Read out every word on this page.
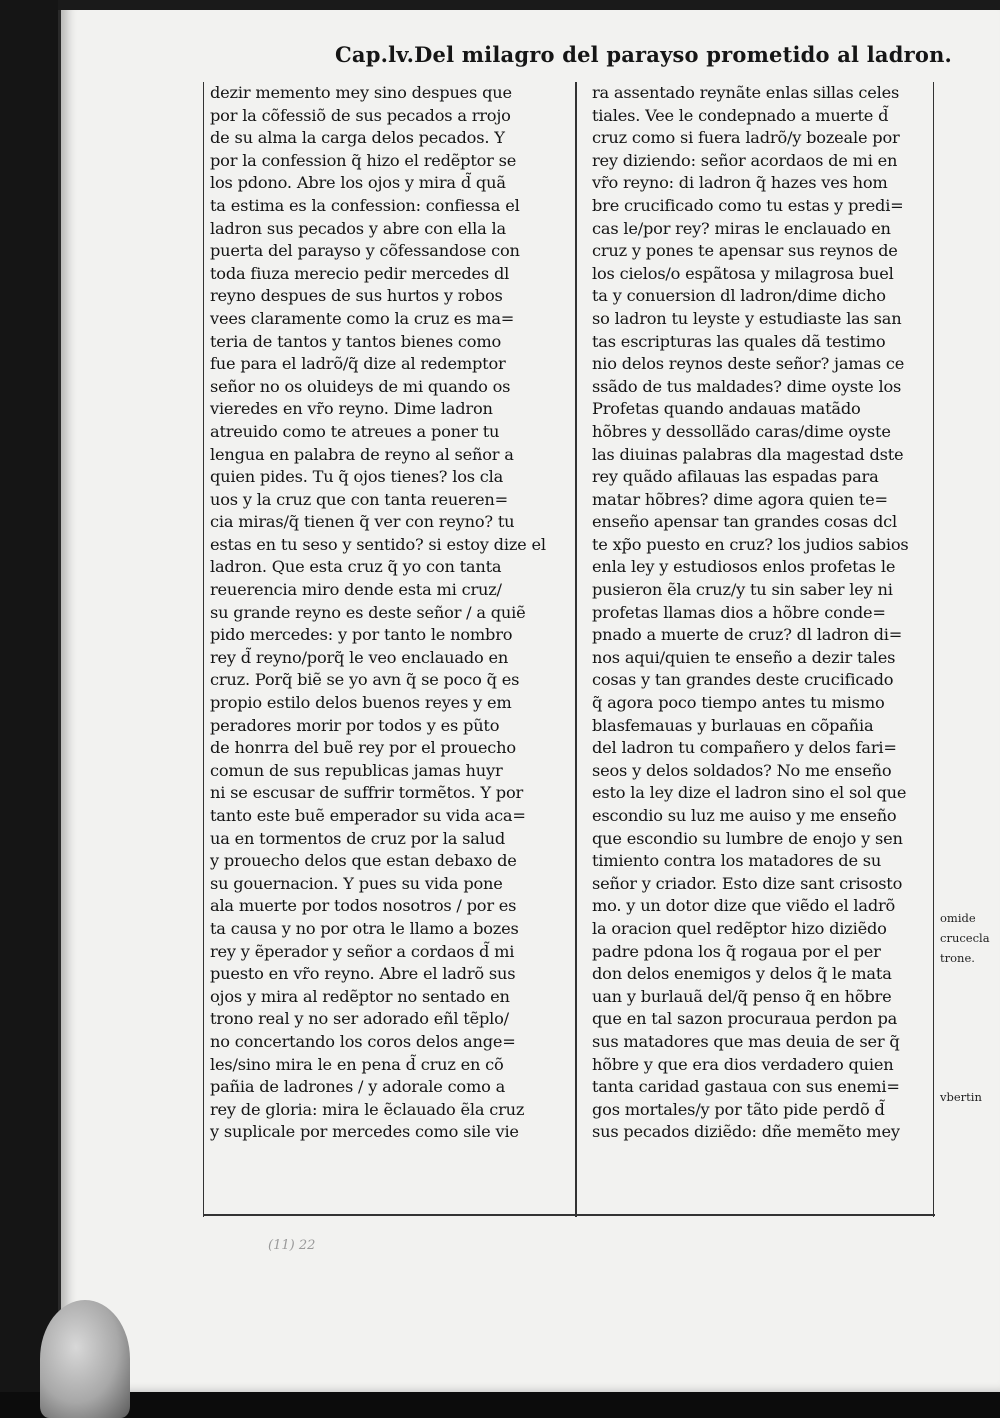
Cap.lv.Del milagro del parayso prometido al ladron.
dezir memento mey sino despues que
por la cõfessiõ de sus pecados a rrojo
de su alma la carga delos pecados. Y
por la confession q̃ hizo el redẽptor se
los pdono. Abre los ojos y mira d̃ quã
ta estima es la confession: confiessa el
ladron sus pecados y abre con ella la
puerta del parayso y cõfessandose con
toda fiuza merecio pedir mercedes dl
reyno despues de sus hurtos y robos
vees claramente como la cruz es ma=
teria de tantos y tantos bienes como
fue para el ladrõ/q̃ dize al redemptor
señor no os oluideys de mi quando os
vieredes en vr̃o reyno. Dime ladron
atreuido como te atreues a poner tu
lengua en palabra de reyno al señor a
quien pides. Tu q̃ ojos tienes? los cla
uos y la cruz que con tanta reueren=
cia miras/q̃ tienen q̃ ver con reyno? tu
estas en tu seso y sentido? si estoy dize el
ladron. Que esta cruz q̃ yo con tanta
reuerencia miro dende esta mi cruz/
su grande reyno es deste señor / a quiẽ
pido mercedes: y por tanto le nombro
rey d̃ reyno/porq̃ le veo enclauado en
cruz. Porq̃ biẽ se yo avn q̃ se poco q̃ es
propio estilo delos buenos reyes y em
peradores morir por todos y es pũto
de honrra del buẽ rey por el prouecho
comun de sus republicas jamas huyr
ni se escusar de suffrir tormẽtos. Y por
tanto este buẽ emperador su vida aca=
ua en tormentos de cruz por la salud
y prouecho delos que estan debaxo de
su gouernacion. Y pues su vida pone
ala muerte por todos nosotros / por es
ta causa y no por otra le llamo a bozes
rey y ẽperador y señor a cordaos d̃ mi
puesto en vr̃o reyno. Abre el ladrõ sus
ojos y mira al redẽptor no sentado en
trono real y no ser adorado eñl tẽplo/
no concertando los coros delos ange=
les/sino mira le en pena d̃ cruz en cõ
pañia de ladrones / y adorale como a
rey de gloria: mira le ẽclauado ẽla cruz
y suplicale por mercedes como sile vie
ra assentado reynãte enlas sillas celes
tiales. Vee le condepnado a muerte d̃
cruz como si fuera ladrõ/y bozeale por
rey diziendo: señor acordaos de mi en
vr̃o reyno: di ladron q̃ hazes ves hom
bre crucificado como tu estas y predi=
cas le/por rey? miras le enclauado en
cruz y pones te apensar sus reynos de
los cielos/o espãtosa y milagrosa buel
ta y conuersion dl ladron/dime dicho
so ladron tu leyste y estudiaste las san
tas escripturas las quales dã testimo
nio delos reynos deste señor? jamas ce
ssãdo de tus maldades? dime oyste los
Profetas quando andauas matãdo
hõbres y dessollãdo caras/dime oyste
las diuinas palabras dla magestad dste
rey quãdo afilauas las espadas para
matar hõbres? dime agora quien te=
enseño apensar tan grandes cosas dcl
te xp̃o puesto en cruz? los judios sabios
enla ley y estudiosos enlos profetas le
pusieron ẽla cruz/y tu sin saber ley ni
profetas llamas dios a hõbre conde=
pnado a muerte de cruz? dl ladron di=
nos aqui/quien te enseño a dezir tales
cosas y tan grandes deste crucificado
q̃ agora poco tiempo antes tu mismo
blasfemauas y burlauas en cõpañia
del ladron tu compañero y delos fari=
seos y delos soldados? No me enseño
esto la ley dize el ladron sino el sol que
escondio su luz me auiso y me enseño
que escondio su lumbre de enojo y sen
timiento contra los matadores de su
señor y criador. Esto dize sant crisosto
mo. y un dotor dize que viẽdo el ladrõ
la oracion quel redẽptor hizo diziẽdo
padre pdona los q̃ rogaua por el per
don delos enemigos y delos q̃ le mata
uan y burlauã del/q̃ penso q̃ en hõbre
que en tal sazon procuraua perdon pa
sus matadores que mas deuia de ser q̃
hõbre y que era dios verdadero quien
tanta caridad gastaua con sus enemi=
gos mortales/y por tãto pide perdõ d̃
sus pecados diziẽdo: dñe memẽto mey
(11) 22
omide
crucecla
trone.
vbertin
